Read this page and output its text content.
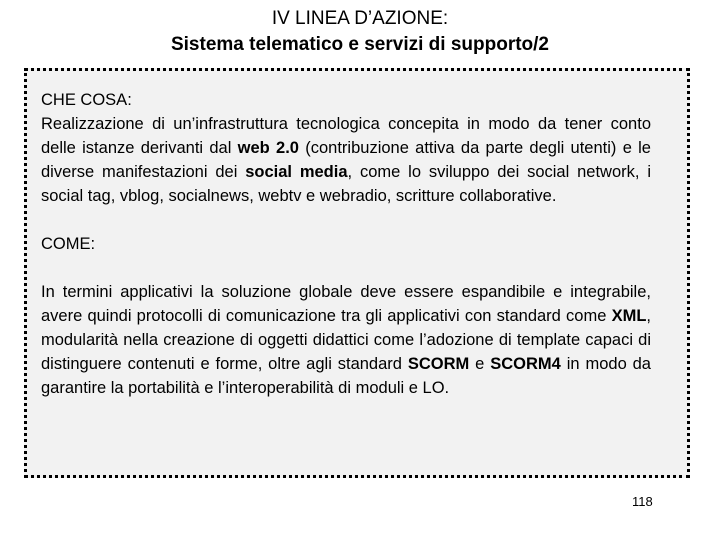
IV LINEA D’AZIONE:
Sistema telematico e servizi di supporto/2

CHE COSA:

Realizzazione di un’infrastruttura tecnologica concepita in modo da tener conto delle istanze derivanti dal web 2.0 (contribuzione attiva da parte degli utenti) e le diverse manifestazioni dei social media, come lo sviluppo dei social network, i social tag, vblog, socialnews, webtv e webradio, scritture collaborative.

COME:

In termini applicativi la soluzione globale deve essere espandibile e integrabile, avere quindi protocolli di comunicazione tra gli applicativi con standard come XML, modularità nella creazione di oggetti didattici come l’adozione di template capaci di distinguere contenuti e forme, oltre agli standard SCORM e SCORM4 in modo da garantire la portabilità e l’interoperabilità di moduli e LO.

118
